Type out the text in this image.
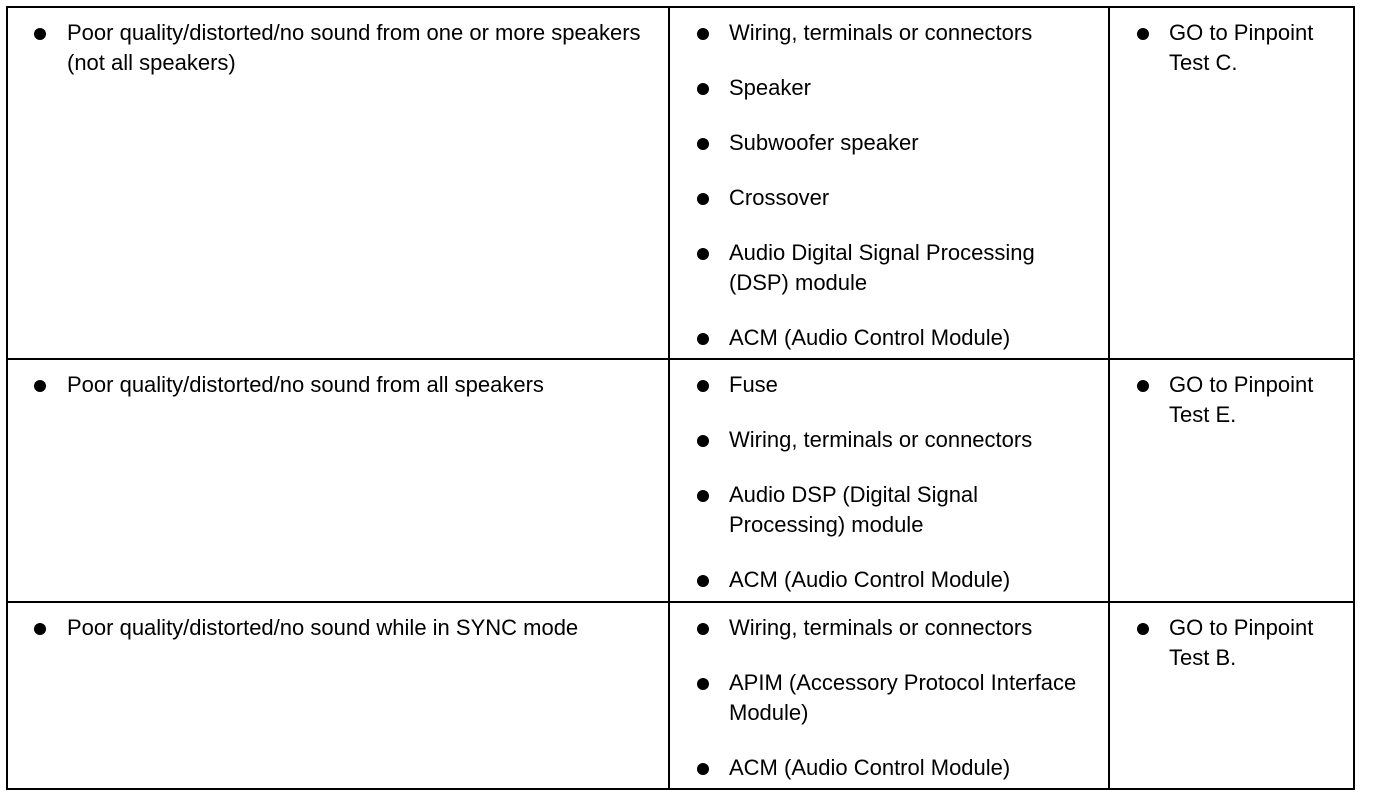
Poor quality/distorted/no sound from one or more speakers (not all speakers)
Wiring, terminals or connectors
Speaker
Subwoofer speaker
Crossover
Audio Digital Signal Processing (DSP) module
ACM (Audio Control Module)
GO to Pinpoint Test C.
Poor quality/distorted/no sound from all speakers	Fuse
Wiring, terminals or connectors
Audio DSP (Digital Signal Processing) module
ACM (Audio Control Module)
GO to Pinpoint Test E.
Poor quality/distorted/no sound while in SYNC mode	Wiring, terminals or connectors
APIM (Accessory Protocol Interface Module)
ACM (Audio Control Module)
GO to Pinpoint Test B.
